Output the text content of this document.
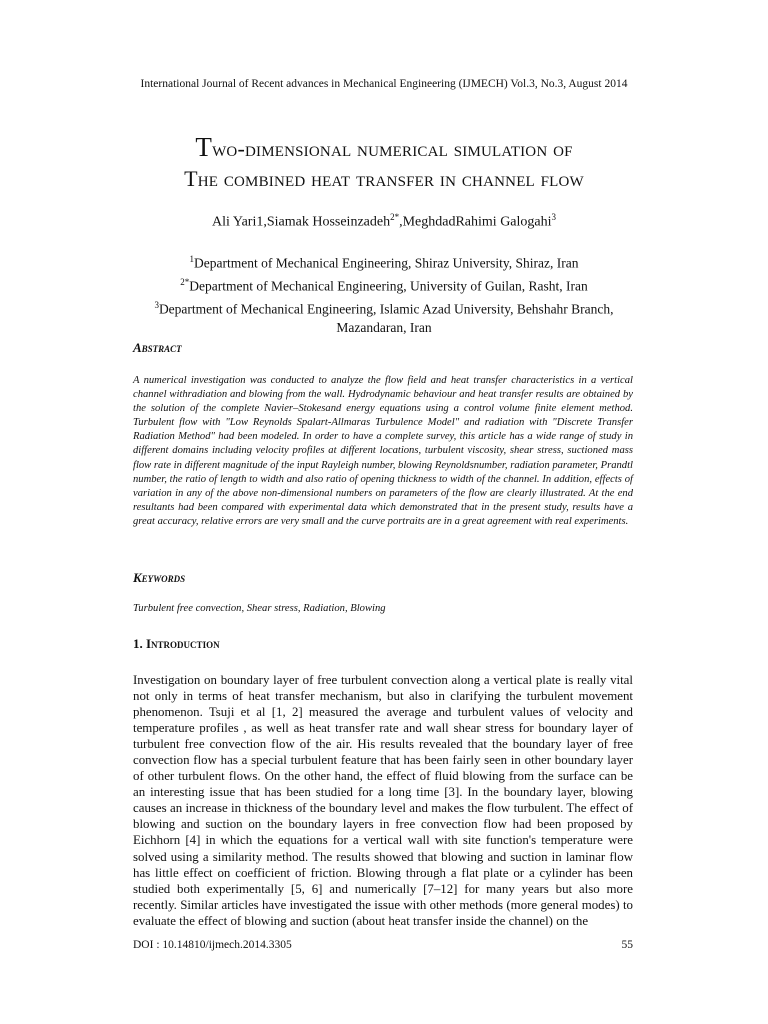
International Journal of Recent advances in Mechanical Engineering (IJMECH) Vol.3, No.3, August 2014
Two-dimensional numerical simulation of
The combined heat transfer in channel flow
Ali Yari1,Siamak Hosseinzadeh$^{2*}$,MeghdadRahimi Galogahi$^3$
$^1$Department of Mechanical Engineering, Shiraz University, Shiraz, Iran
$^{2*}$Department of Mechanical Engineering, University of Guilan, Rasht, Iran
$^3$Department of Mechanical Engineering, Islamic Azad University, Behshahr Branch, Mazandaran, Iran
Abstract
A numerical investigation was conducted to analyze the flow field and heat transfer characteristics in a vertical channel withradiation and blowing from the wall. Hydrodynamic behaviour and heat transfer results are obtained by the solution of the complete Navier–Stokesand energy equations using a control volume finite element method. Turbulent flow with "Low Reynolds Spalart-Allmaras Turbulence Model" and radiation with "Discrete Transfer Radiation Method" had been modeled. In order to have a complete survey, this article has a wide range of study in different domains including velocity profiles at different locations, turbulent viscosity, shear stress, suctioned mass flow rate in different magnitude of the input Rayleigh number, blowing Reynoldsnumber, radiation parameter, Prandtl number, the ratio of length to width and also ratio of opening thickness to width of the channel. In addition, effects of variation in any of the above non-dimensional numbers on parameters of the flow are clearly illustrated. At the end resultants had been compared with experimental data which demonstrated that in the present study, results have a great accuracy, relative errors are very small and the curve portraits are in a great agreement with real experiments.
Keywords
Turbulent free convection, Shear stress, Radiation, Blowing
1. Introduction
Investigation on boundary layer of free turbulent convection along a vertical plate is really vital not only in terms of heat transfer mechanism, but also in clarifying the turbulent movement phenomenon. Tsuji et al [1, 2] measured the average and turbulent values of velocity and temperature profiles , as well as heat transfer rate and wall shear stress for boundary layer of turbulent free convection flow of the air. His results revealed that the boundary layer of free convection flow has a special turbulent feature that has been fairly seen in other boundary layer of other turbulent flows. On the other hand, the effect of fluid blowing from the surface can be an interesting issue that has been studied for a long time [3]. In the boundary layer, blowing causes an increase in thickness of the boundary level and makes the flow turbulent. The effect of blowing and suction on the boundary layers in free convection flow had been proposed by Eichhorn [4] in which the equations for a vertical wall with site function's temperature were solved using a similarity method. The results showed that blowing and suction in laminar flow has little effect on coefficient of friction. Blowing through a flat plate or a cylinder has been studied both experimentally [5, 6] and numerically [7–12] for many years but also more recently. Similar articles have investigated the issue with other methods (more general modes) to evaluate the effect of blowing and suction (about heat transfer inside the channel) on the
DOI : 10.14810/ijmech.2014.3305	55
